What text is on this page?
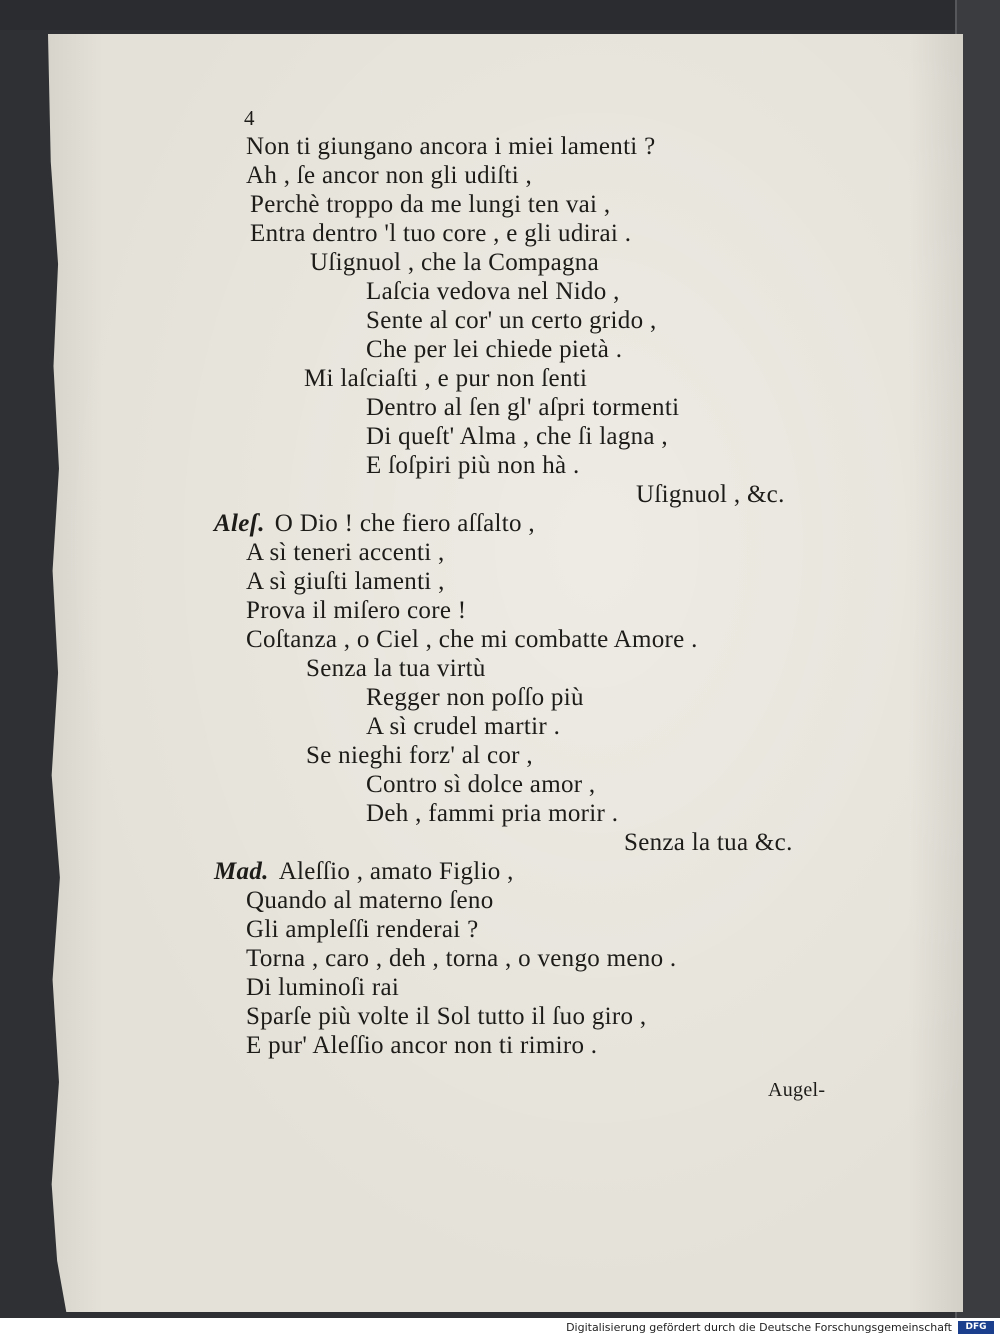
4
Non ti giungano ancora i miei lamenti ?
Ah , ſe ancor non gli udiſti ,
Perchè troppo da me lungi ten vai ,
Entra dentro 'l tuo core , e gli udirai .
Uſignuol , che la Compagna
Laſcia vedova nel Nido ,
Sente al cor' un certo grido ,
Che per lei chiede pietà .
Mi laſciaſti , e pur non ſenti
Dentro al ſen gl' aſpri tormenti
Di queſt' Alma , che ſi lagna ,
E ſoſpiri più non hà .
Uſignuol , &c.
Aleſ. O Dio ! che fiero aſſalto ,
A sì teneri accenti ,
A sì giuſti lamenti ,
Prova il miſero core !
Coſtanza , o Ciel , che mi combatte Amore .
Senza la tua virtù
Regger non poſſo più
A sì crudel martir .
Se nieghi forz' al cor ,
Contro sì dolce amor ,
Deh , fammi pria morir .
Senza la tua &c.
Mad. Aleſſio , amato Figlio ,
Quando al materno ſeno
Gli ampleſſi renderai ?
Torna , caro , deh , torna , o vengo meno .
Di luminoſi rai
Sparſe più volte il Sol tutto il ſuo giro ,
E pur' Aleſſio ancor non ti rimiro .
Augel-
Digitalisierung gefördert durch die Deutsche Forschungsgemeinschaft	DFG
